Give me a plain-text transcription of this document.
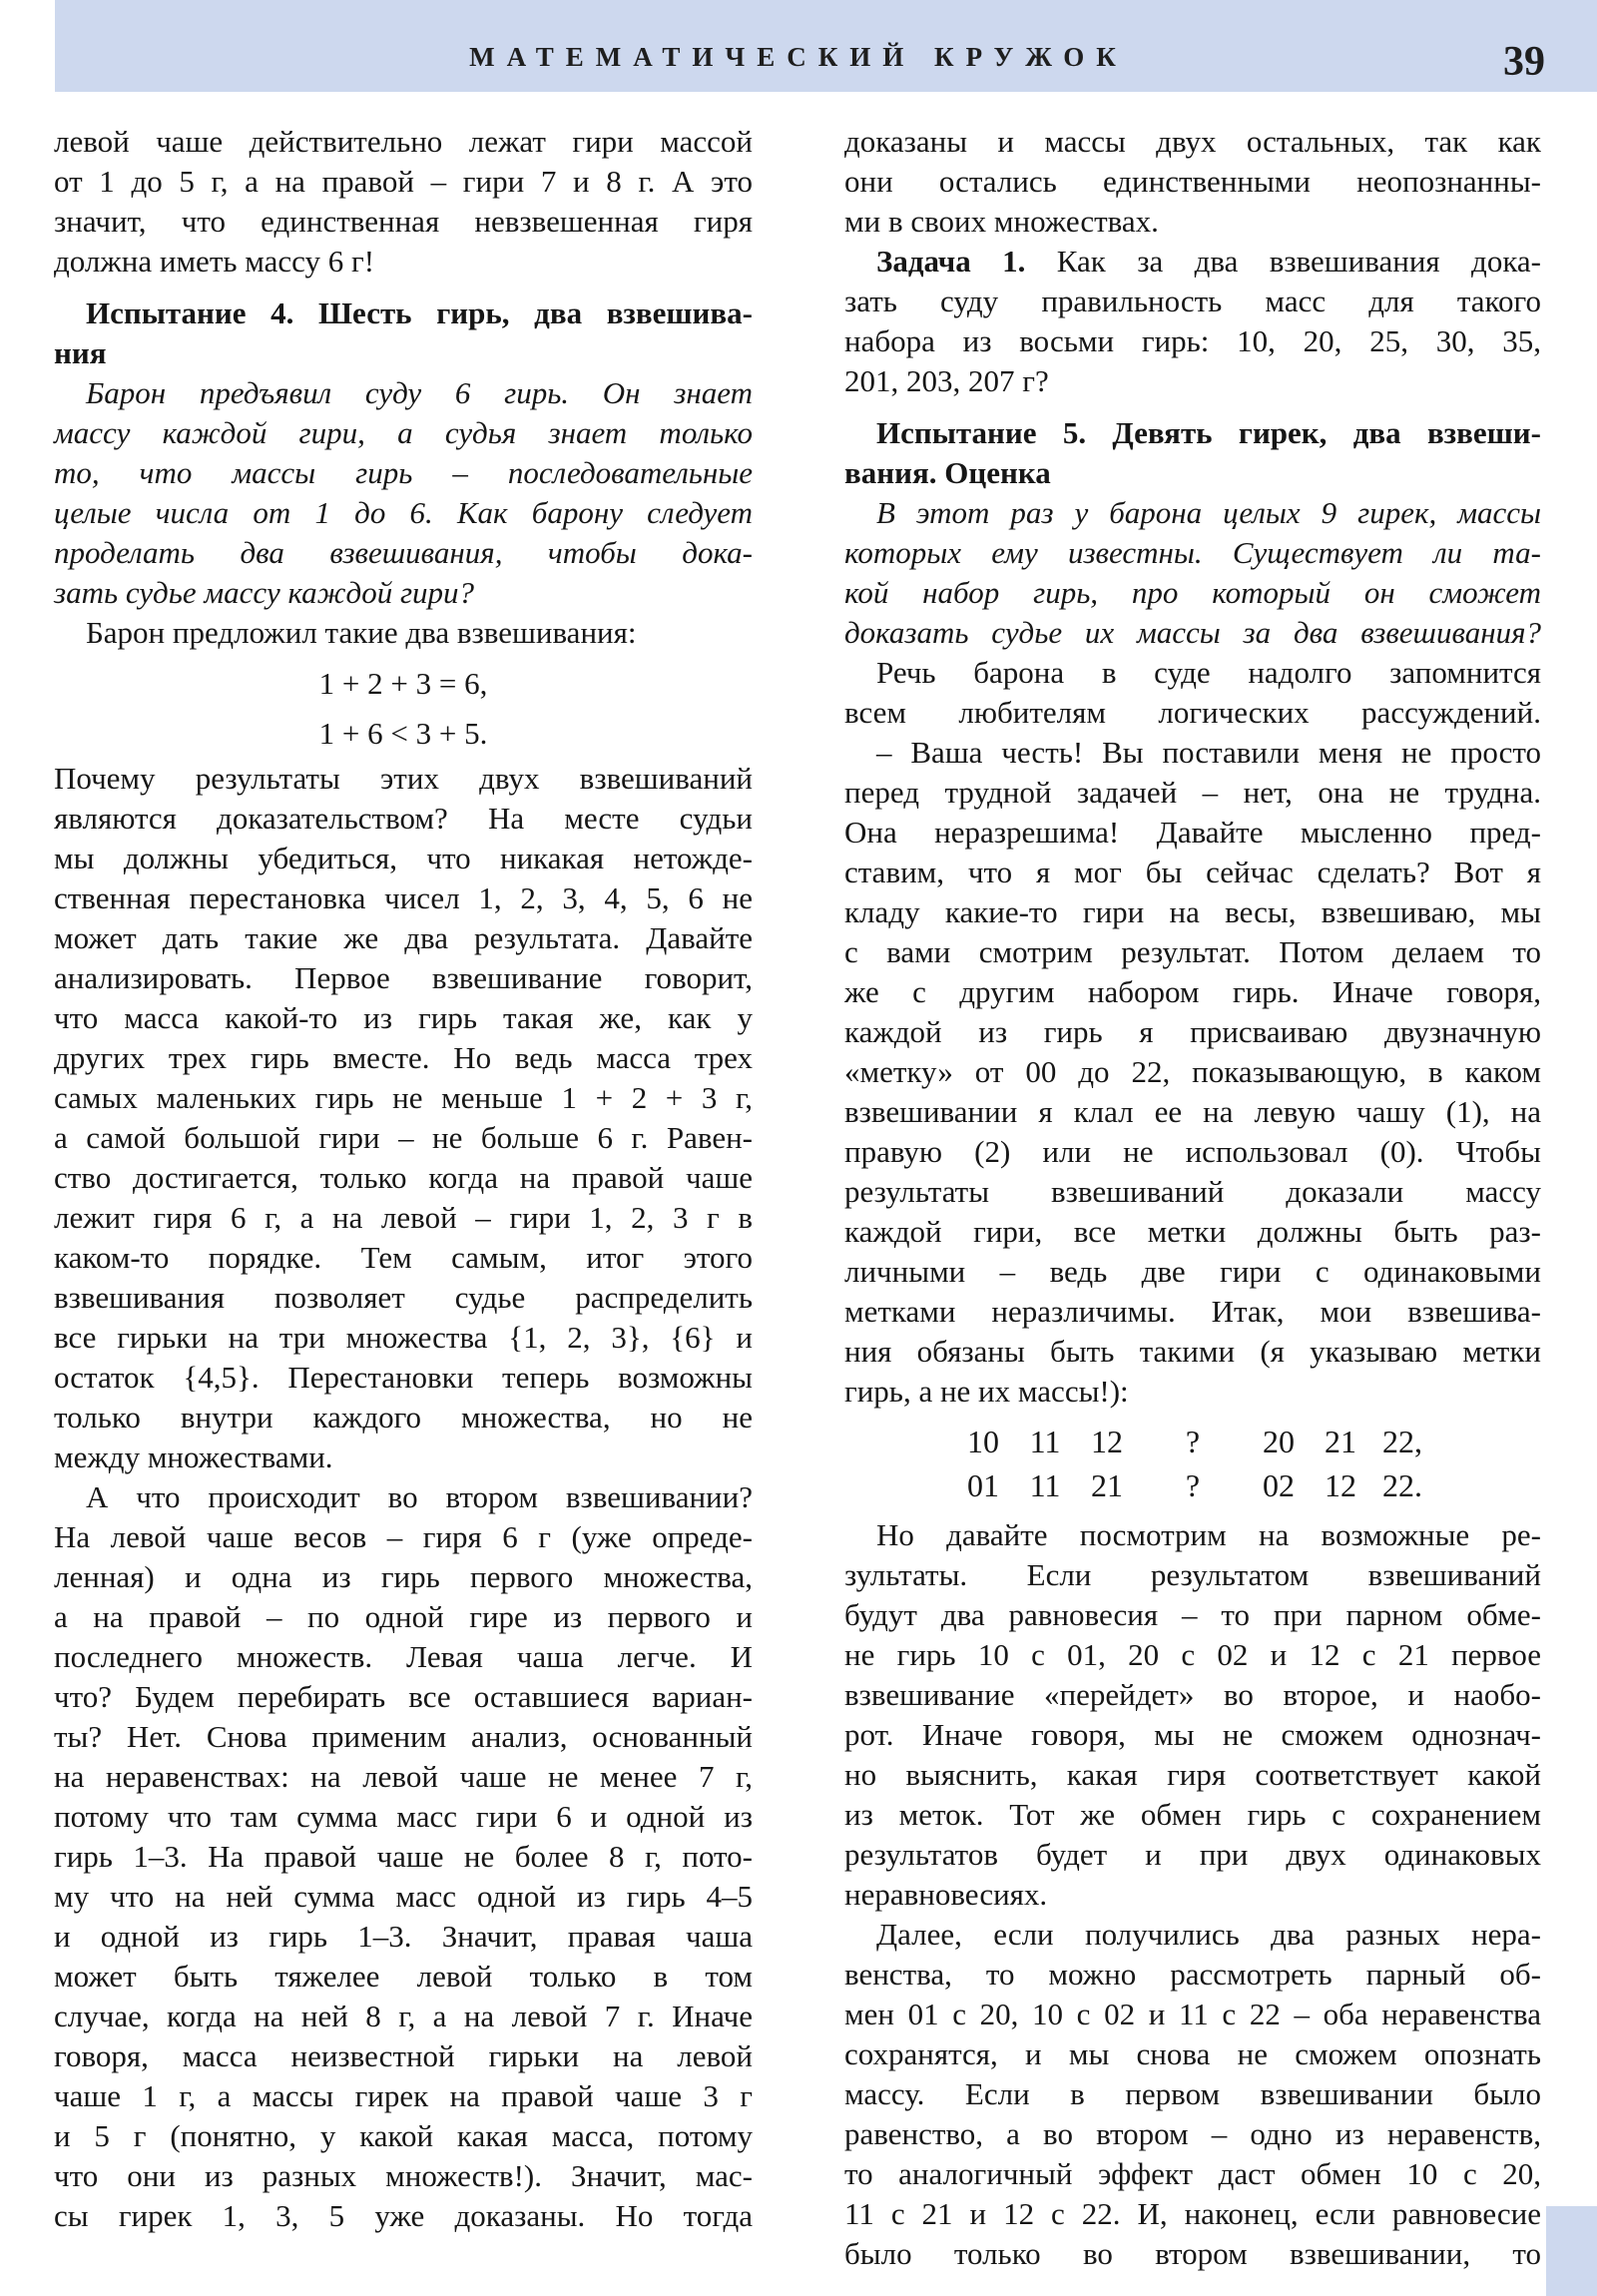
МАТЕМАТИЧЕСКИЙ КРУЖОК	39
левой чаше действительно лежат гири массой
от 1 до 5 г, а на правой – гири 7 и 8 г. А это
значит, что единственная невзвешенная гиря
должна иметь массу 6 г!
Испытание 4. Шесть гирь, два взвешива-
ния
Барон предъявил суду 6 гирь. Он знает
массу каждой гири, а судья знает только
то, что массы гирь – последовательные
целые числа от 1 до 6. Как барону следует
проделать два взвешивания, чтобы дока-
зать судье массу каждой гири?
Барон предложил такие два взвешивания:
1 + 2 + 3 = 6,
1 + 6 < 3 + 5.
Почему результаты этих двух взвешиваний
являются доказательством? На месте судьи
мы должны убедиться, что никакая нетожде-
ственная перестановка чисел 1, 2, 3, 4, 5, 6 не
может дать такие же два результата. Давайте
анализировать. Первое взвешивание говорит,
что масса какой-то из гирь такая же, как у
других трех гирь вместе. Но ведь масса трех
самых маленьких гирь не меньше 1 + 2 + 3 г,
а самой большой гири – не больше 6 г. Равен-
ство достигается, только когда на правой чаше
лежит гиря 6 г, а на левой – гири 1, 2, 3 г в
каком-то порядке. Тем самым, итог этого
взвешивания позволяет судье распределить
все гирьки на три множества {1, 2, 3}, {6} и
остаток {4,5}. Перестановки теперь возможны
только внутри каждого множества, но не
между множествами.
А что происходит во втором взвешивании?
На левой чаше весов – гиря 6 г (уже опреде-
ленная) и одна из гирь первого множества,
а на правой – по одной гире из первого и
последнего множеств. Левая чаша легче. И
что? Будем перебирать все оставшиеся вариан-
ты? Нет. Снова применим анализ, основанный
на неравенствах: на левой чаше не менее 7 г,
потому что там сумма масс гири 6 и одной из
гирь 1–3. На правой чаше не более 8 г, пото-
му что на ней сумма масс одной из гирь 4–5
и одной из гирь 1–3. Значит, правая чаша
может быть тяжелее левой только в том
случае, когда на ней 8 г, а на левой 7 г. Иначе
говоря, масса неизвестной гирьки на левой
чаше 1 г, а массы гирек на правой чаше 3 г
и 5 г (понятно, у какой какая масса, потому
что они из разных множеств!). Значит, мас-
сы гирек 1, 3, 5 уже доказаны. Но тогда
доказаны и массы двух остальных, так как
они остались единственными неопознанны-
ми в своих множествах.
Задача 1. Как за два взвешивания дока-
зать суду правильность масс для такого
набора из восьми гирь: 10, 20, 25, 30, 35,
201, 203, 207 г?
Испытание 5. Девять гирек, два взвеши-
вания. Оценка
В этот раз у барона целых 9 гирек, массы
которых ему известны. Существует ли та-
кой набор гирь, про который он сможет
доказать судье их массы за два взвешивания?
Речь барона в суде надолго запомнится
всем любителям логических рассуждений.
– Ваша честь! Вы поставили меня не просто
перед трудной задачей – нет, она не трудна.
Она неразрешима! Давайте мысленно пред-
ставим, что я мог бы сейчас сделать? Вот я
кладу какие-то гири на весы, взвешиваю, мы
с вами смотрим результат. Потом делаем то
же с другим набором гирь. Иначе говоря,
каждой из гирь я присваиваю двузначную
«метку» от 00 до 22, показывающую, в каком
взвешивании я клал ее на левую чашу (1), на
правую (2) или не использовал (0). Чтобы
результаты взвешиваний доказали массу
каждой гири, все метки должны быть раз-
личными – ведь две гири с одинаковыми
метками неразличимы. Итак, мои взвешива-
ния обязаны быть такими (я указываю метки
гирь, а не их массы!):
10 11 12	?	20 21 22,
01 11 21	?	02 12 22.
Но давайте посмотрим на возможные ре-
зультаты. Если результатом взвешиваний
будут два равновесия – то при парном обме-
не гирь 10 с 01, 20 с 02 и 12 с 21 первое
взвешивание «перейдет» во второе, и наобо-
рот. Иначе говоря, мы не сможем однознач-
но выяснить, какая гиря соответствует какой
из меток. Тот же обмен гирь с сохранением
результатов будет и при двух одинаковых
неравновесиях.
Далее, если получились два разных нера-
венства, то можно рассмотреть парный об-
мен 01 с 20, 10 с 02 и 11 с 22 – оба неравенства
сохранятся, и мы снова не сможем опознать
массу. Если в первом взвешивании было
равенство, а во втором – одно из неравенств,
то аналогичный эффект даст обмен 10 с 20,
11 с 21 и 12 с 22. И, наконец, если равновесие
было только во втором взвешивании, то
